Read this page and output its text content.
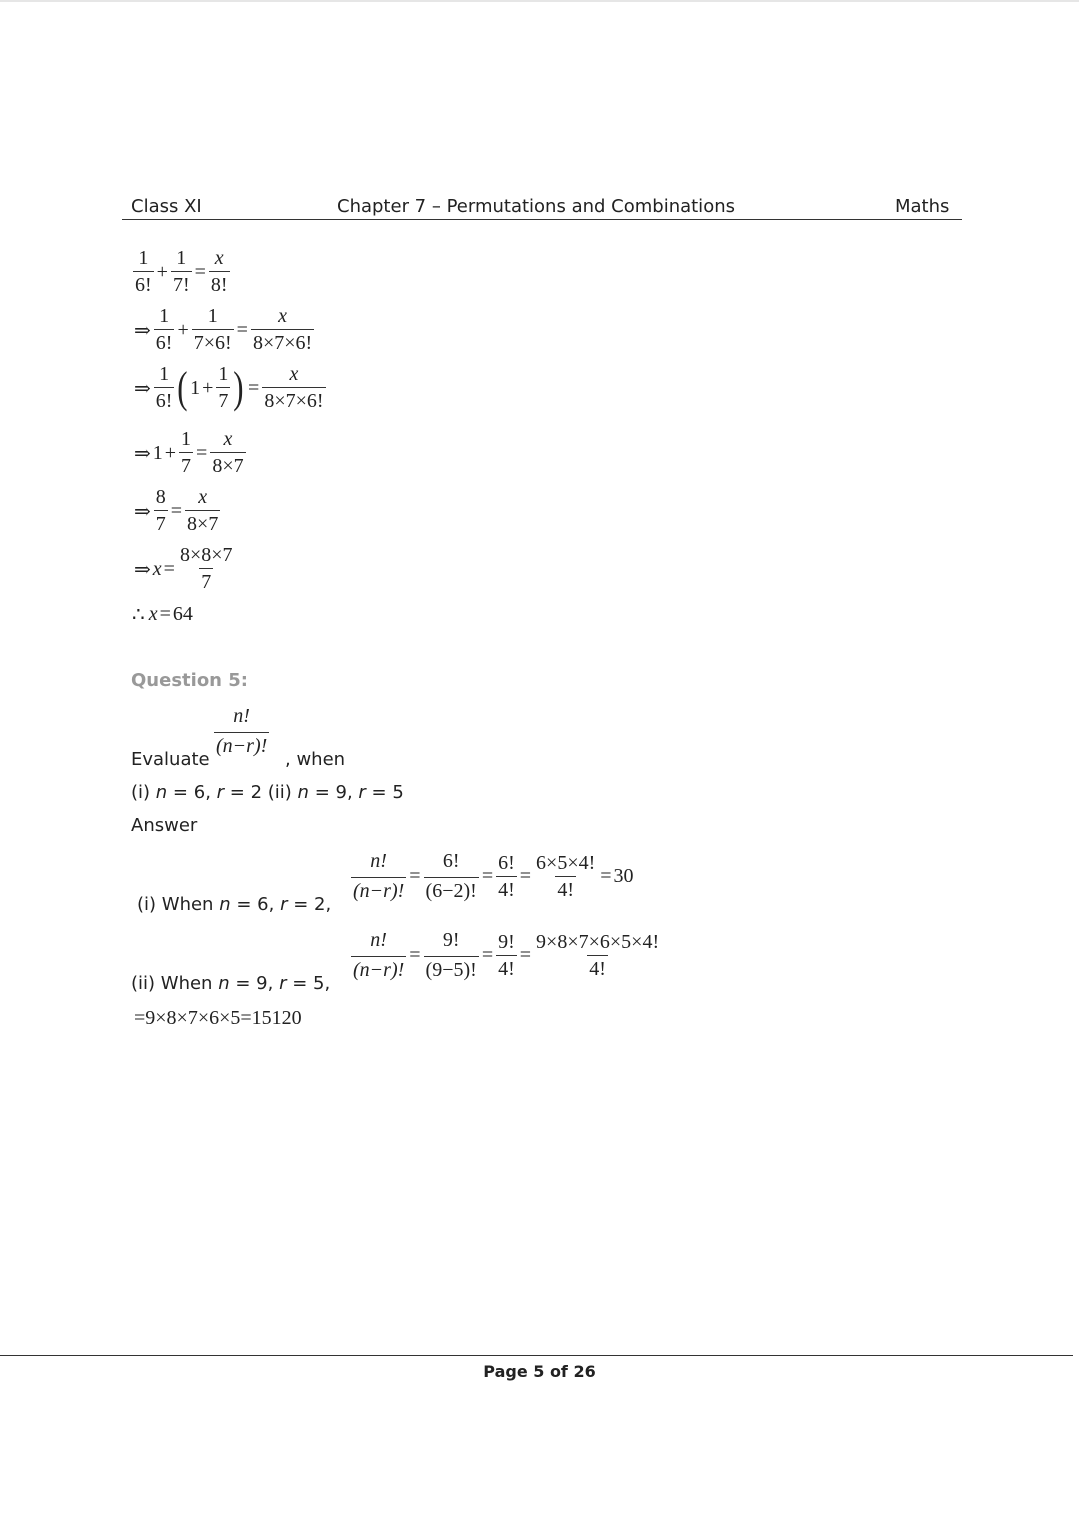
Class XI	Chapter 7 – Permutations and Combinations	Maths
$\frac{1}{6!} + \frac{1}{7!} = \frac{x}{8!}$
⇒ $\frac{1}{6!} + \frac{1}{7\times 6!} = \frac{x}{8\times 7\times 6!}$
⇒ $\frac{1}{6!}$ ( $1 + \frac{1}{7}$ ) = $\frac{x}{8\times 7\times 6!}$
⇒ $1 + \frac{1}{7} = \frac{x}{8\times 7}$
⇒ $\frac{8}{7} = \frac{x}{8\times 7}$
⇒ $x = \frac{8\times 8\times 7}{7}$
∴ x = 64
Question 5:
Evaluate
$\frac{n!}{(n-r)!}$
, when
(i) n = 6, r = 2 (ii) n = 9, r = 5
Answer
(i) When n = 6, r = 2,
$\frac{n!}{(n-r)!} = \frac{6!}{(6-2)!} = \frac{6!}{4!} = \frac{6\times 5\times 4!}{4!} = 30$
(ii) When n = 9, r = 5,
$\frac{n!}{(n-r)!} = \frac{9!}{(9-5)!} = \frac{9!}{4!} = \frac{9\times 8\times 7\times 6\times 5\times 4!}{4!}$
=9×8×7×6×5=15120
Page 5 of 26
